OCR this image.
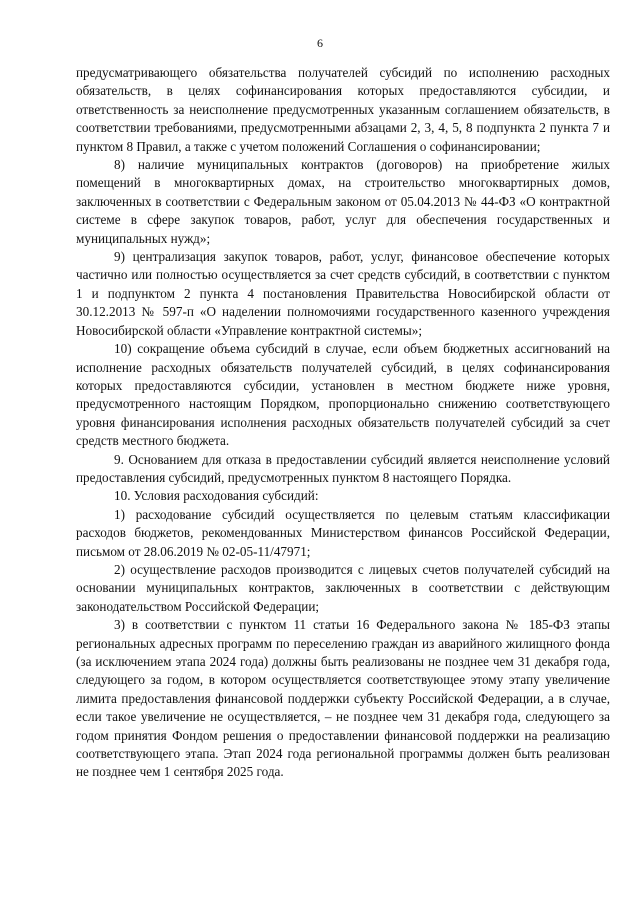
6

предусматривающего обязательства получателей субсидий по исполнению расходных обязательств, в целях софинансирования которых предоставляются субсидии, и ответственность за неисполнение предусмотренных указанным соглашением обязательств, в соответствии требованиями, предусмотренными абзацами 2, 3, 4, 5, 8 подпункта 2 пункта 7 и пунктом 8 Правил, а также с учетом положений Соглашения о софинансировании;

8) наличие муниципальных контрактов (договоров) на приобретение жилых помещений в многоквартирных домах, на строительство многоквартирных домов, заключенных в соответствии с Федеральным законом от 05.04.2013 № 44-ФЗ «О контрактной системе в сфере закупок товаров, работ, услуг для обеспечения государственных и муниципальных нужд»;

9) централизация закупок товаров, работ, услуг, финансовое обеспечение которых частично или полностью осуществляется за счет средств субсидий, в соответствии с пунктом 1 и подпунктом 2 пункта 4 постановления Правительства Новосибирской области от 30.12.2013 № 597-п «О наделении полномочиями государственного казенного учреждения Новосибирской области «Управление контрактной системы»;

10) сокращение объема субсидий в случае, если объем бюджетных ассигнований на исполнение расходных обязательств получателей субсидий, в целях софинансирования которых предоставляются субсидии, установлен в местном бюджете ниже уровня, предусмотренного настоящим Порядком, пропорционально снижению соответствующего уровня финансирования исполнения расходных обязательств получателей субсидий за счет средств местного бюджета.

9. Основанием для отказа в предоставлении субсидий является неисполнение условий предоставления субсидий, предусмотренных пунктом 8 настоящего Порядка.

10. Условия расходования субсидий:

1) расходование субсидий осуществляется по целевым статьям классификации расходов бюджетов, рекомендованных Министерством финансов Российской Федерации, письмом от 28.06.2019 № 02-05-11/47971;

2) осуществление расходов производится с лицевых счетов получателей субсидий на основании муниципальных контрактов, заключенных в соответствии с действующим законодательством Российской Федерации;

3) в соответствии с пунктом 11 статьи 16 Федерального закона № 185-ФЗ этапы региональных адресных программ по переселению граждан из аварийного жилищного фонда (за исключением этапа 2024 года) должны быть реализованы не позднее чем 31 декабря года, следующего за годом, в котором осуществляется соответствующее этому этапу увеличение лимита предоставления финансовой поддержки субъекту Российской Федерации, а в случае, если такое увеличение не осуществляется, – не позднее чем 31 декабря года, следующего за годом принятия Фондом решения о предоставлении финансовой поддержки на реализацию соответствующего этапа. Этап 2024 года региональной программы должен быть реализован не позднее чем 1 сентября 2025 года.
